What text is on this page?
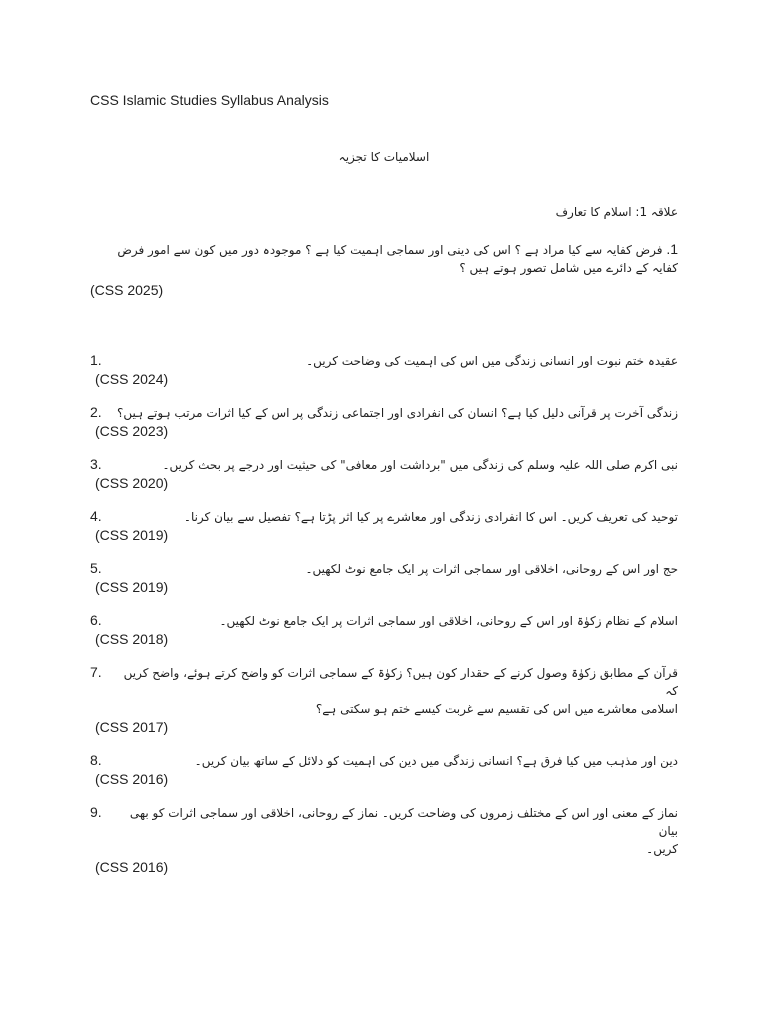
CSS Islamic Studies Syllabus Analysis
اسلامیات کا تجزیہ
علاقہ 1: اسلام کا تعارف
1. فرض کفایہ سے کیا مراد ہے ؟ اس کی دینی اور سماجی اہمیت کیا ہے ؟ موجودہ دور میں کون سے امور فرض کفایہ کے دائرے میں شامل تصور ہوتے ہیں ؟
(CSS 2025)
1.	عقیدہ ختم نبوت اور انسانی زندگی میں اس کی اہمیت کی وضاحت کریں۔
(CSS 2024)
2.	زندگی آخرت پر قرآنی دلیل کیا ہے؟ انسان کی انفرادی اور اجتماعی زندگی پر اس کے کیا اثرات مرتب ہوتے ہیں؟
(CSS 2023)
3.	نبی اکرم صلی اللہ علیہ وسلم کی زندگی میں "برداشت اور معافی" کی حیثیت اور درجے پر بحث کریں۔
(CSS 2020)
4.	توحید کی تعریف کریں۔ اس کا انفرادی زندگی اور معاشرے پر کیا اثر پڑتا ہے؟ تفصیل سے بیان کرنا۔
(CSS 2019)
5.	حج اور اس کے روحانی، اخلاقی اور سماجی اثرات پر ایک جامع نوٹ لکھیں۔
(CSS 2019)
6.	اسلام کے نظام زکوٰۃ اور اس کے روحانی، اخلاقی اور سماجی اثرات پر ایک جامع نوٹ لکھیں۔
(CSS 2018)
7.	قرآن کے مطابق زکوٰۃ وصول کرنے کے حقدار کون ہیں؟ زکوٰۃ کے سماجی اثرات کو واضح کرتے ہوئے، واضح کریں کہ
اسلامی معاشرے میں اس کی تقسیم سے غربت کیسے ختم ہو سکتی ہے؟
(CSS 2017)
8.	دین اور مذہب میں کیا فرق ہے؟ انسانی زندگی میں دین کی اہمیت کو دلائل کے ساتھ بیان کریں۔
(CSS 2016)
9.	نماز کے معنی اور اس کے مختلف زمروں کی وضاحت کریں۔ نماز کے روحانی، اخلاقی اور سماجی اثرات کو بھی بیان
کریں۔
(CSS 2016)
